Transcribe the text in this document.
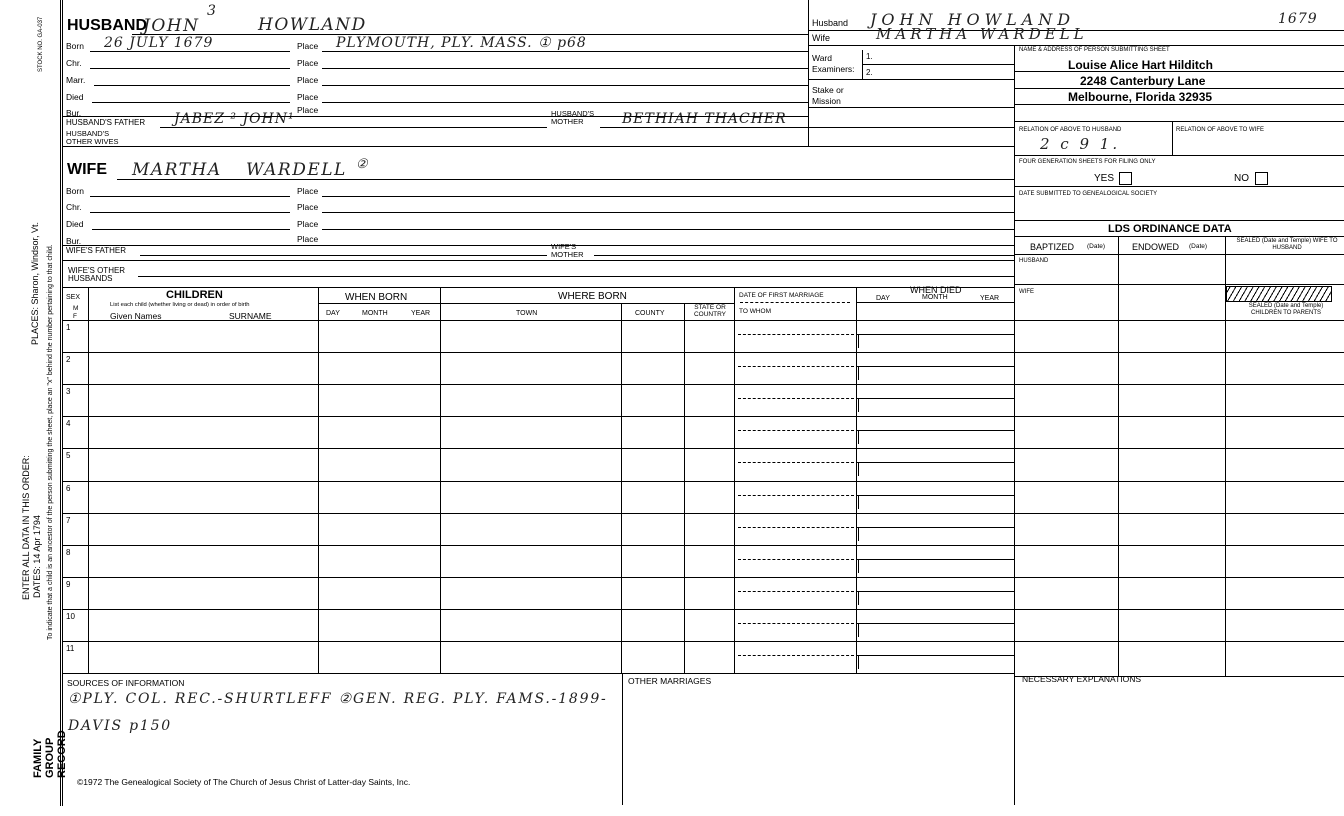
STOCK NO. GA-037
PLACES: Sharon, Windsor, Vt. To indicate that a child is an ancestor of the person submitting the sheet, place an "x" behind the number pertaining to that child.
ENTER ALL DATA IN THIS ORDER: DATES: 14 Apr 1794
FAMILY GROUP RECORD
HUSBAND
JOHN
3
HOWLAND
Born 26 JULY 1679	Place PLYMOUTH, PLY. MASS. ① p68
Chr.	Place
Marr.	Place
Died	Place
Bur.	Place
HUSBAND'S FATHER JABEZ ² JOHN¹	HUSBAND'S MOTHER	BETHIAH THACHER
HUSBAND'S OTHER WIVES
WIFE MARTHA WARDELL ②
Born	Place
Chr.	Place
Died	Place
Bur.	Place
WIFE'S FATHER	WIFE'S MOTHER
WIFE'S OTHER HUSBANDS
Husband JOHN HOWLAND	1679
Wife	MARTHA WARDELL
Ward
Examiners:
1.
2.
Stake or
Mission
NAME & ADDRESS OF PERSON SUBMITTING SHEET
Louise Alice Hart Hilditch
2248 Canterbury Lane
Melbourne, Florida 32935
RELATION OF ABOVE TO HUSBAND
2 c 9 1.
RELATION OF ABOVE TO WIFE
FOUR GENERATION SHEETS FOR FILING ONLY
YES	NO
DATE SUBMITTED TO GENEALOGICAL SOCIETY
LDS ORDINANCE DATA
BAPTIZED (Date)	ENDOWED (Date)
SEALED (Date and Temple) WIFE TO HUSBAND
HUSBAND
WIFE
SEALED (Date and Temple) CHILDREN TO PARENTS
SEX
M F
CHILDREN
List each child (whether living or dead) in order of birth
Given Names	SURNAME
WHEN BORN
DAY	MONTH	YEAR
WHERE BORN
TOWN	COUNTY
STATE OR COUNTRY
DATE OF FIRST MARRIAGE
TO WHOM
WHEN DIED
DAY	MONTH	YEAR
1
2
3
4
5
6
7
8
9
10
11
SOURCES OF INFORMATION
①PLY. COL. REC.-SHURTLEFF ②GEN. REG. PLY. FAMS.-1899-
DAVIS p150
OTHER MARRIAGES	NECESSARY EXPLANATIONS
©1972 The Genealogical Society of The Church of Jesus Christ of Latter-day Saints, Inc.
